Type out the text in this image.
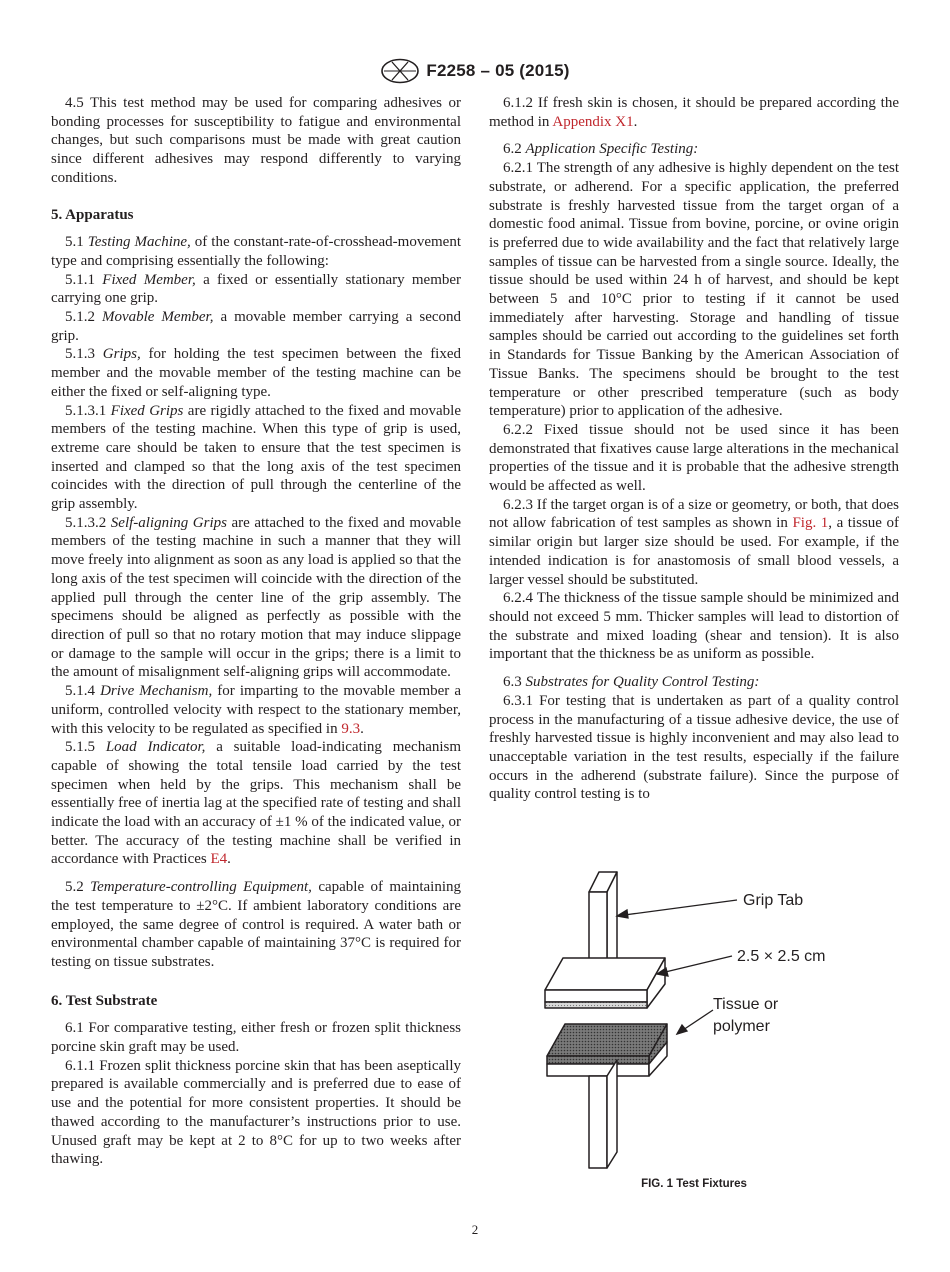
F2258 – 05 (2015)

4.5 This test method may be used for comparing adhesives or bonding processes for susceptibility to fatigue and environmental changes, but such comparisons must be made with great caution since different adhesives may respond differently to varying conditions.

5. Apparatus

5.1 Testing Machine, of the constant-rate-of-crosshead-movement type and comprising essentially the following:

5.1.1 Fixed Member, a fixed or essentially stationary member carrying one grip.

5.1.2 Movable Member, a movable member carrying a second grip.

5.1.3 Grips, for holding the test specimen between the fixed member and the movable member of the testing machine can be either the fixed or self-aligning type.

5.1.3.1 Fixed Grips are rigidly attached to the fixed and movable members of the testing machine. When this type of grip is used, extreme care should be taken to ensure that the test specimen is inserted and clamped so that the long axis of the test specimen coincides with the direction of pull through the centerline of the grip assembly.

5.1.3.2 Self-aligning Grips are attached to the fixed and movable members of the testing machine in such a manner that they will move freely into alignment as soon as any load is applied so that the long axis of the test specimen will coincide with the direction of the applied pull through the center line of the grip assembly. The specimens should be aligned as perfectly as possible with the direction of pull so that no rotary motion that may induce slippage or damage to the sample will occur in the grips; there is a limit to the amount of misalignment self-aligning grips will accommodate.

5.1.4 Drive Mechanism, for imparting to the movable member a uniform, controlled velocity with respect to the stationary member, with this velocity to be regulated as specified in 9.3.

5.1.5 Load Indicator, a suitable load-indicating mechanism capable of showing the total tensile load carried by the test specimen when held by the grips. This mechanism shall be essentially free of inertia lag at the specified rate of testing and shall indicate the load with an accuracy of ±1 % of the indicated value, or better. The accuracy of the testing machine shall be verified in accordance with Practices E4.

5.2 Temperature-controlling Equipment, capable of maintaining the test temperature to ±2°C. If ambient laboratory conditions are employed, the same degree of control is required. A water bath or environmental chamber capable of maintaining 37°C is required for testing on tissue substrates.

6. Test Substrate

6.1 For comparative testing, either fresh or frozen split thickness porcine skin graft may be used.

6.1.1 Frozen split thickness porcine skin that has been aseptically prepared is available commercially and is preferred due to ease of use and the potential for more consistent properties. It should be thawed according to the manufacturer’s instructions prior to use. Unused graft may be kept at 2 to 8°C for up to two weeks after thawing.

6.1.2 If fresh skin is chosen, it should be prepared according the method in Appendix X1.

6.2 Application Specific Testing:

6.2.1 The strength of any adhesive is highly dependent on the test substrate, or adherend. For a specific application, the preferred substrate is freshly harvested tissue from the target organ of a domestic food animal. Tissue from bovine, porcine, or ovine origin is preferred due to wide availability and the fact that relatively large samples of tissue can be harvested from a single source. Ideally, the tissue should be used within 24 h of harvest, and should be kept between 5 and 10°C prior to testing if it cannot be used immediately after harvesting. Storage and handling of tissue samples should be carried out according to the guidelines set forth in Standards for Tissue Banking by the American Association of Tissue Banks. The specimens should be brought to the test temperature or other prescribed temperature (such as body temperature) prior to application of the adhesive.

6.2.2 Fixed tissue should not be used since it has been demonstrated that fixatives cause large alterations in the mechanical properties of the tissue and it is probable that the adhesive strength would be affected as well.

6.2.3 If the target organ is of a size or geometry, or both, that does not allow fabrication of test samples as shown in Fig. 1, a tissue of similar origin but larger size should be used. For example, if the intended indication is for anastomosis of small blood vessels, a larger vessel should be substituted.

6.2.4 The thickness of the tissue sample should be minimized and should not exceed 5 mm. Thicker samples will lead to distortion of the substrate and mixed loading (shear and tension). It is also important that the thickness be as uniform as possible.

6.3 Substrates for Quality Control Testing:

6.3.1 For testing that is undertaken as part of a quality control process in the manufacturing of a tissue adhesive device, the use of freshly harvested tissue is highly inconvenient and may also lead to unacceptable variation in the test results, especially if the failure occurs in the adherend (substrate failure). Since the purpose of quality control testing is to

Grip Tab
2.5 × 2.5 cm
Tissue or
polymer
FIG. 1 Test Fixtures
2
